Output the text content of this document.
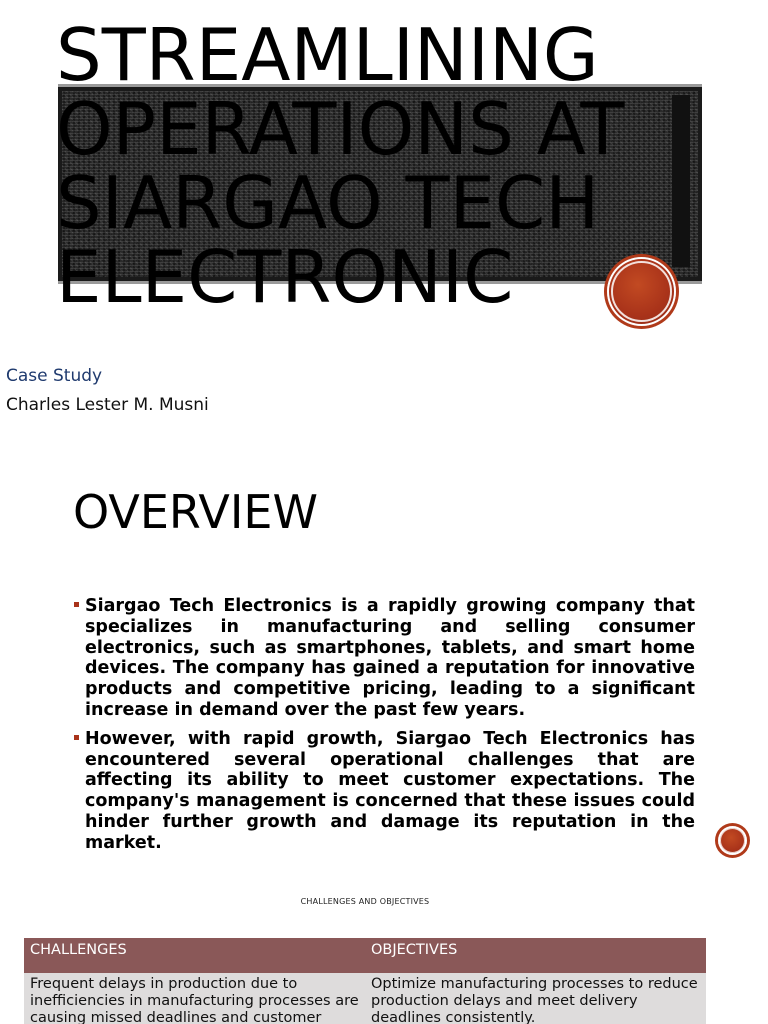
STREAMLINING OPERATIONS AT SIARGAO TECH ELECTRONIC

Case Study

Charles Lester M. Musni

OVERVIEW
Siargao Tech Electronics is a rapidly growing company that specializes in manufacturing and selling consumer electronics, such as smartphones, tablets, and smart home devices. The company has gained a reputation for innovative products and competitive pricing, leading to a significant increase in demand over the past few years.
However, with rapid growth, Siargao Tech Electronics has encountered several operational challenges that are affecting its ability to meet customer expectations. The company's management is concerned that these issues could hinder further growth and damage its reputation in the market.

CHALLENGES AND OBJECTIVES

CHALLENGES	OBJECTIVES
Frequent delays in production due to inefficiencies in manufacturing processes are causing missed deadlines and customer	Optimize manufacturing processes to reduce production delays and meet delivery deadlines consistently.
